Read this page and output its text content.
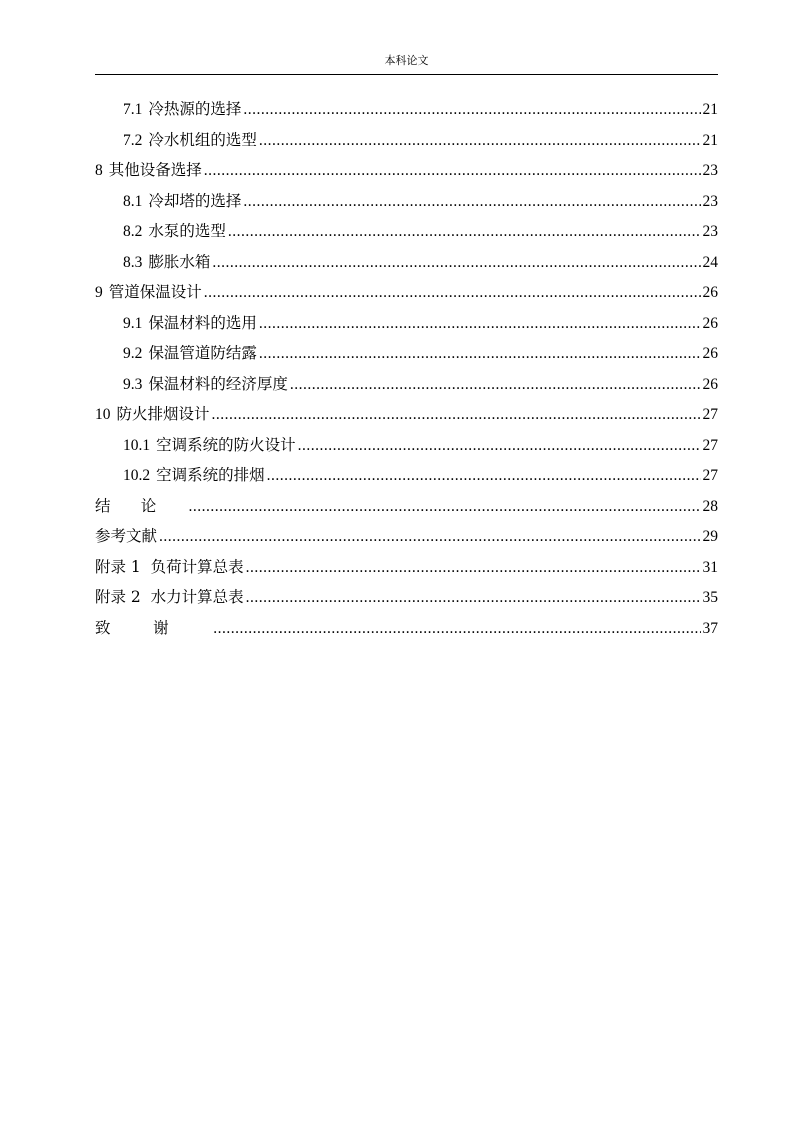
本科论文
7.1 冷热源的选择 .....	21
7.2 冷水机组的选型 .....	21
8 其他设备选择 .....	23
8.1 冷却塔的选择 .....	23
8.2 水泵的选型 .....	23
8.3 膨胀水箱 .....	24
9 管道保温设计 .....	26
9.1 保温材料的选用 .....	26
9.2 保温管道防结露 .....	26
9.3 保温材料的经济厚度 .....	26
10 防火排烟设计 .....	27
10.1 空调系统的防火设计 .....	27
10.2 空调系统的排烟 .....	27
结论 .....	28
参考文献 .....	29
附录 1  负荷计算总表 .....	31
附录 2  水力计算总表 .....	35
致谢 .....	37
